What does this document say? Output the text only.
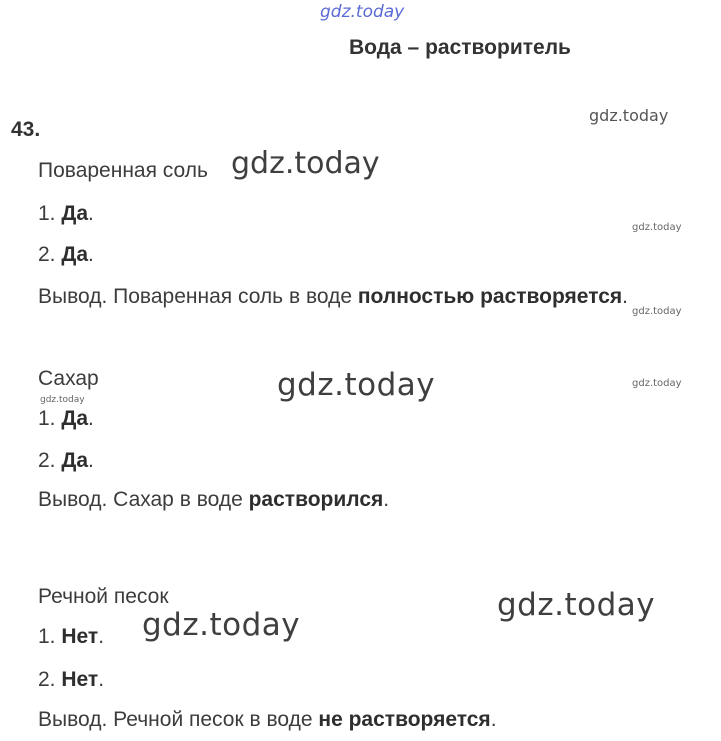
gdz.today
gdz.today
gdz.today
gdz.today
gdz.today
gdz.today	gdz.today
gdz.today
gdz.today
gdz.today
Вода – растворитель
43.
Поваренная соль
1. Да.
2. Да.
Вывод. Поваренная соль в воде полностью растворяется.
Сахар
1. Да.
2. Да.
Вывод. Сахар в воде растворился.
Речной песок
1. Нет.
2. Нет.
Вывод. Речной песок в воде не растворяется.
